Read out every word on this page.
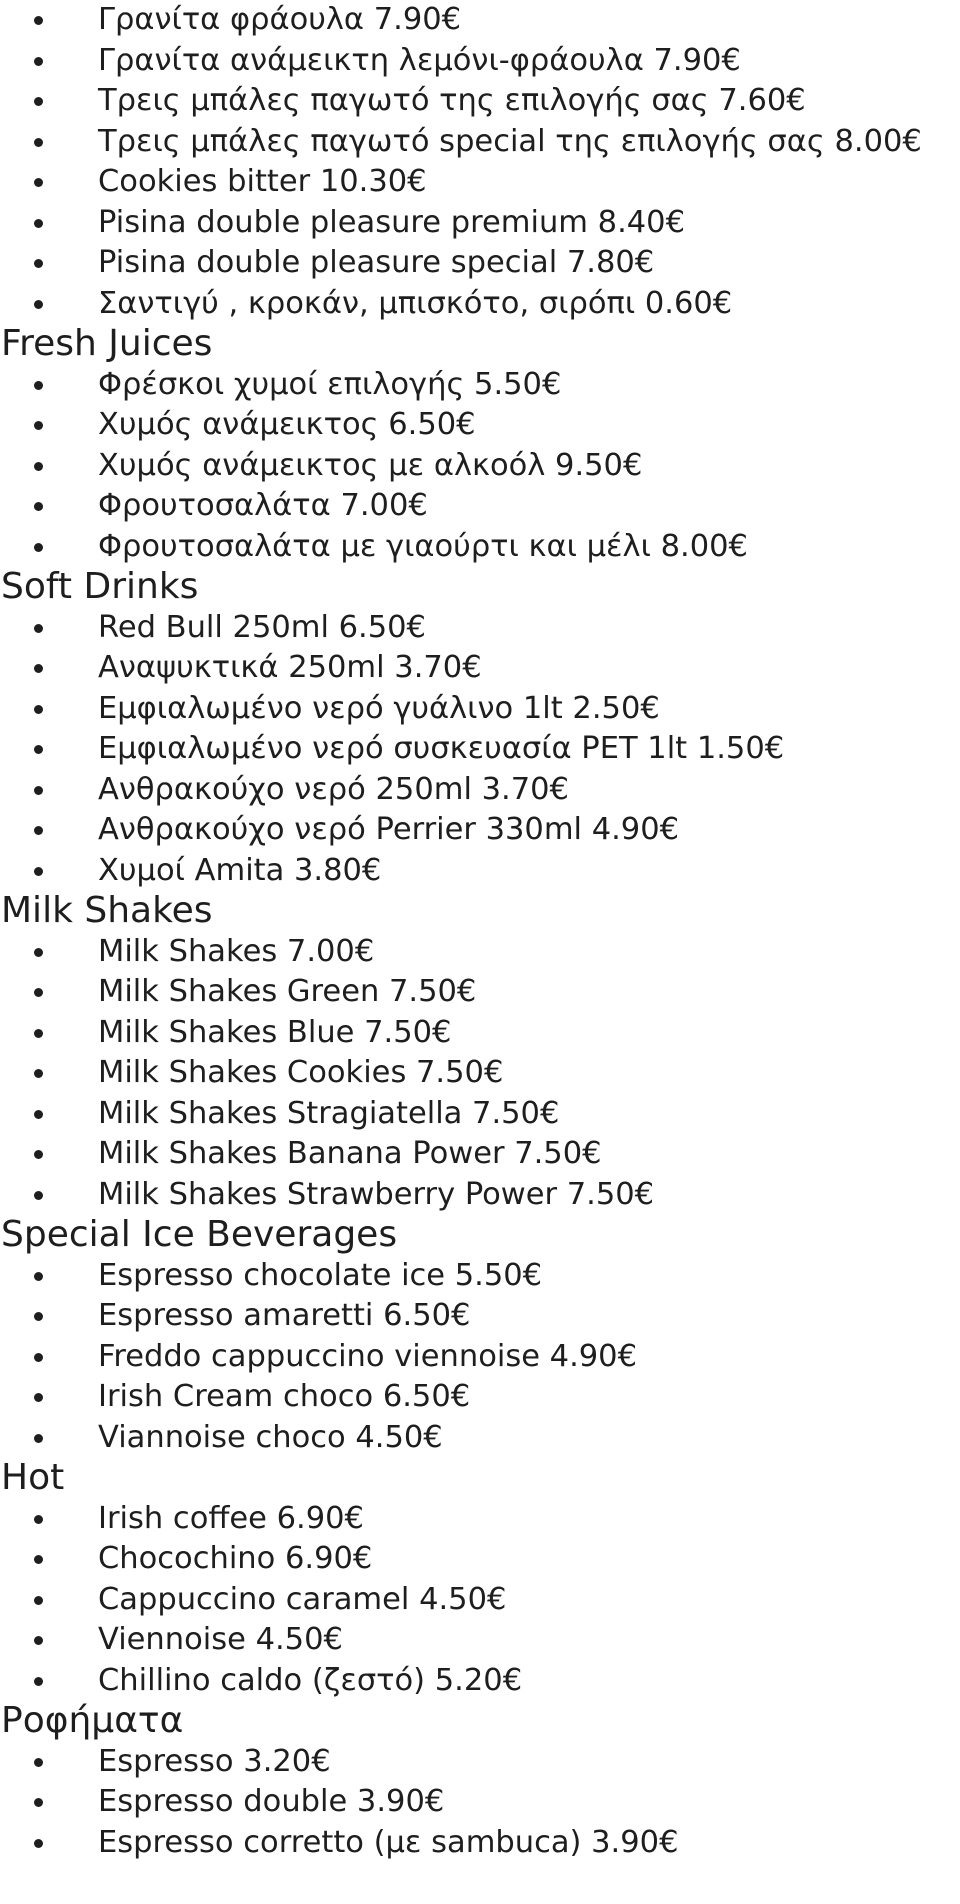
Γρανίτα φράουλα 7.90€
Γρανίτα ανάμεικτη λεμόνι-φράουλα 7.90€
Τρεις μπάλες παγωτό της επιλογής σας 7.60€
Τρεις μπάλες παγωτό special της επιλογής σας 8.00€
Cookies bitter 10.30€
Pisina double pleasure premium 8.40€
Pisina double pleasure special 7.80€
Σαντιγύ , κροκάν, μπισκότο, σιρόπι 0.60€
Fresh Juices
Φρέσκοι χυμοί επιλογής 5.50€
Χυμός ανάμεικτος 6.50€
Χυμός ανάμεικτος με αλκοόλ 9.50€
Φρουτοσαλάτα 7.00€
Φρουτοσαλάτα με γιαούρτι και μέλι 8.00€
Soft Drinks
Red Bull 250ml 6.50€
Αναψυκτικά 250ml 3.70€
Εμφιαλωμένο νερό γυάλινο 1lt 2.50€
Εμφιαλωμένο νερό συσκευασία PET 1lt 1.50€
Ανθρακούχο νερό 250ml 3.70€
Ανθρακούχο νερό Perrier 330ml 4.90€
Χυμοί Amita 3.80€
Milk Shakes
Milk Shakes 7.00€
Milk Shakes Green 7.50€
Milk Shakes Blue 7.50€
Milk Shakes Cookies 7.50€
Milk Shakes Stragiatella 7.50€
Milk Shakes Banana Power 7.50€
Milk Shakes Strawberry Power 7.50€
Special Ice Beverages
Espresso chocolate ice 5.50€
Espresso amaretti 6.50€
Freddo cappuccino viennoise 4.90€
Irish Cream choco 6.50€
Viannoise choco 4.50€
Hot
Irish coffee 6.90€
Chocochino 6.90€
Cappuccino caramel 4.50€
Viennoise 4.50€
Chillino caldo (ζεστό) 5.20€
Ροφήματα
Espresso 3.20€
Espresso double 3.90€
Espresso corretto (με sambuca) 3.90€
